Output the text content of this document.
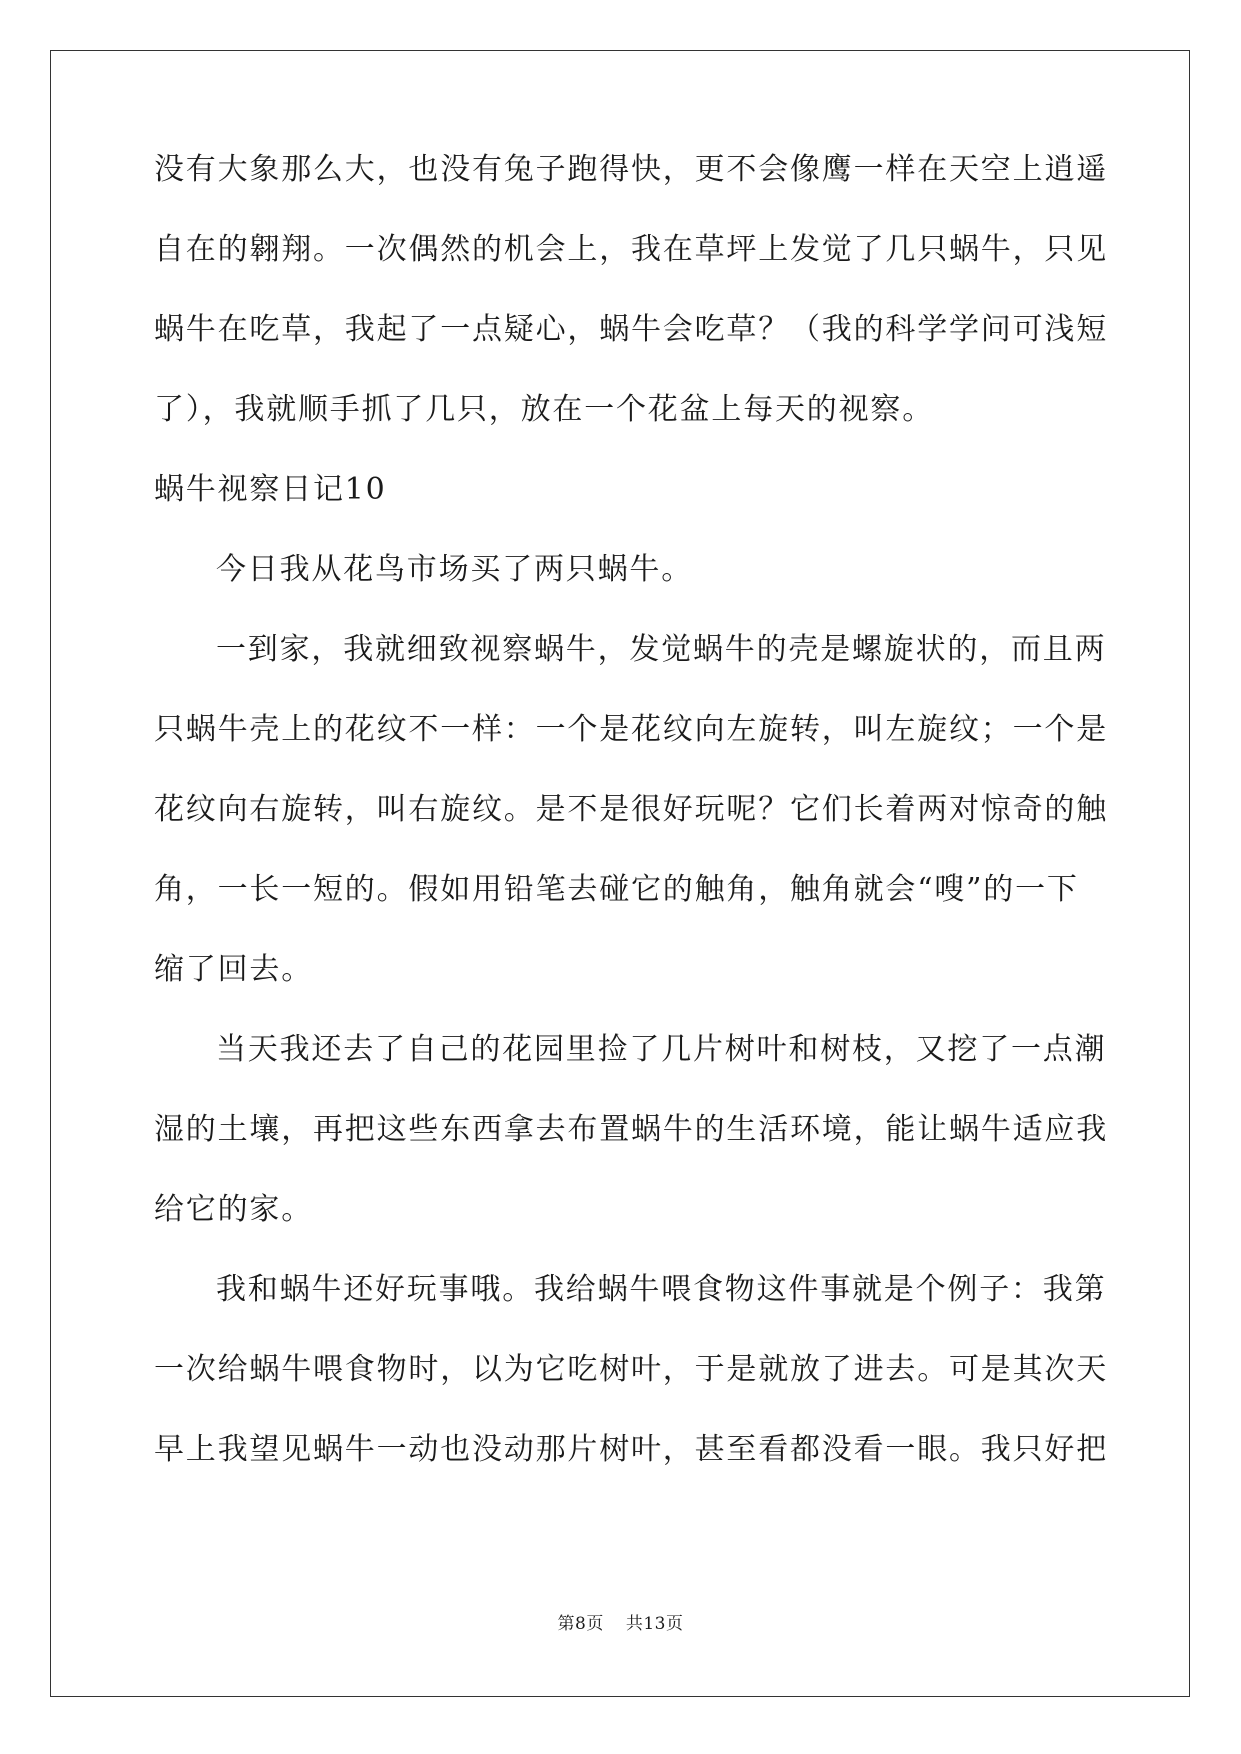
没有大象那么大，也没有兔子跑得快，更不会像鹰一样在天空上逍遥
自在的翱翔。一次偶然的机会上，我在草坪上发觉了几只蜗牛，只见
蜗牛在吃草，我起了一点疑心，蜗牛会吃草？（我的科学学问可浅短
了），我就顺手抓了几只，放在一个花盆上每天的视察。
蜗牛视察日记10
今日我从花鸟市场买了两只蜗牛。
一到家，我就细致视察蜗牛，发觉蜗牛的壳是螺旋状的，而且两
只蜗牛壳上的花纹不一样：一个是花纹向左旋转，叫左旋纹；一个是
花纹向右旋转，叫右旋纹。是不是很好玩呢？它们长着两对惊奇的触
角，一长一短的。假如用铅笔去碰它的触角，触角就会“嗖”的一下
缩了回去。
当天我还去了自己的花园里捡了几片树叶和树枝，又挖了一点潮
湿的土壤，再把这些东西拿去布置蜗牛的生活环境，能让蜗牛适应我
给它的家。
我和蜗牛还好玩事哦。我给蜗牛喂食物这件事就是个例子：我第
一次给蜗牛喂食物时，以为它吃树叶，于是就放了进去。可是其次天
早上我望见蜗牛一动也没动那片树叶，甚至看都没看一眼。我只好把
第8页 共13页
